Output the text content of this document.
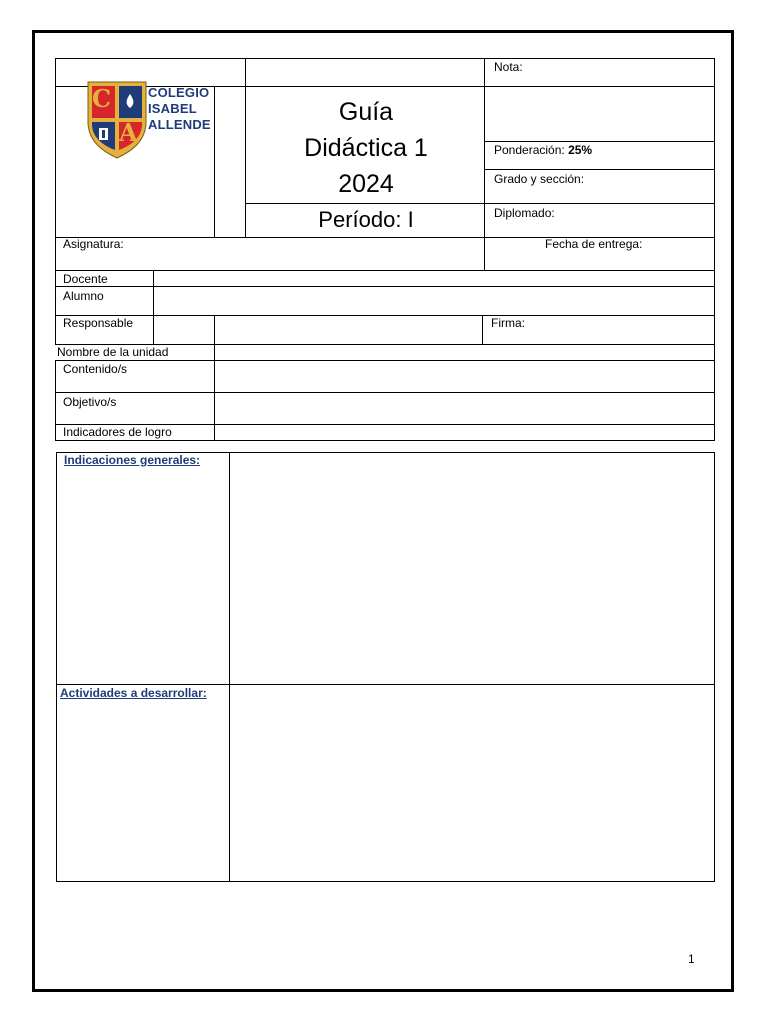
C
A
COLEGIO
ISABEL
ALLENDE
Nota:
Guía
Didáctica 1
2024
Período: I
Ponderación: 25%
Grado y sección:
Diplomado:
Asignatura:	Fecha de entrega:
Docente
Alumno
Responsable	Firma:
Nombre de la unidad
Contenido/s
Objetivo/s
Indicadores de logro
Indicaciones generales:
Actividades a desarrollar:
1
